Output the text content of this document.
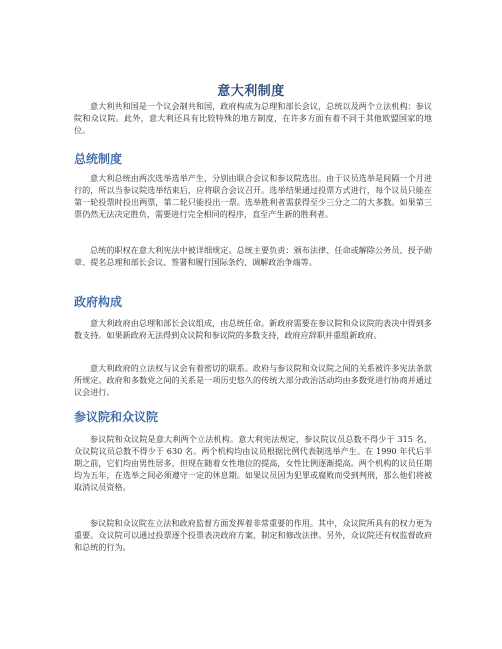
意大利制度

意大利共和国是一个议会制共和国，政府构成为总理和部长会议，总统以及两个立法机构：参议院和众议院。此外，意大利还具有比较特殊的地方制度，在许多方面有着不同于其他欧盟国家的地位。

总统制度

意大利总统由两次选举选举产生，分别由联合会议和参议院选出。由于议员选举是间隔一个月进行的，所以当参议院选举结束后，应将联合会议召开。选举结果通过投票方式进行，每个议员只能在第一轮投票时投出两票，第二轮只能投出一票。选举胜利者需获得至少三分之二的大多数。如果第三票仍然无法决定胜负，需要进行完全相同的程序，直至产生新的胜利者。

总统的职权在意大利宪法中被详细规定。总统主要负责：颁布法律、任命或解除公务员、授予勋章、提名总理和部长会议、签署和履行国际条约、调解政治争端等。

政府构成

意大利政府由总理和部长会议组成，由总统任命。新政府需要在参议院和众议院的表决中得到多数支持。如果新政府无法得到众议院和参议院的多数支持，政府应辞职并重组新政府。

意大利政府的立法权与议会有着密切的联系。政府与参议院和众议院之间的关系被许多宪法条款所规定。政府和多数党之间的关系是一项历史悠久的传统大部分政治活动均由多数党进行协商并通过议会进行。

参议院和众议院

参议院和众议院是意大利两个立法机构。意大利宪法规定，参议院议员总数不得少于 315 名，众议院议员总数不得少于 630 名。两个机构均由议员根据比例代表制选举产生。在 1990 年代后半期之前，它们均由男性居多，但现在随着女性地位的提高，女性比例逐渐提高。两个机构的议员任期均为五年，在选举之间必须遵守一定的休息期。如果议员因为犯罪或腐败而受到判刑，那么他们将被取消议员资格。

参议院和众议院在立法和政府监督方面发挥着非常重要的作用。其中，众议院所具有的权力更为重要。众议院可以通过投票逐个投票表决政府方案，制定和修改法律。另外，众议院还有权监督政府和总统的行为。
